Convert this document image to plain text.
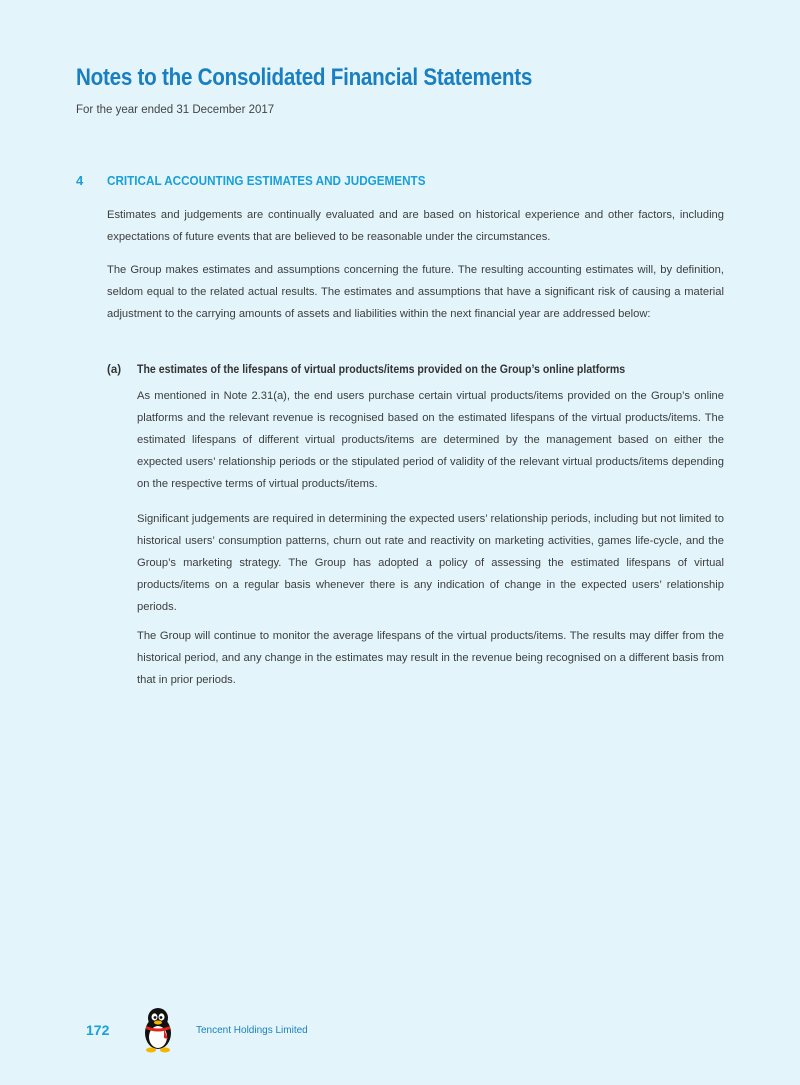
Notes to the Consolidated Financial Statements
For the year ended 31 December 2017
4 CRITICAL ACCOUNTING ESTIMATES AND JUDGEMENTS

Estimates and judgements are continually evaluated and are based on historical experience and other factors, including expectations of future events that are believed to be reasonable under the circumstances.

The Group makes estimates and assumptions concerning the future. The resulting accounting estimates will, by definition, seldom equal to the related actual results. The estimates and assumptions that have a significant risk of causing a material adjustment to the carrying amounts of assets and liabilities within the next financial year are addressed below:

(a) The estimates of the lifespans of virtual products/items provided on the Group’s online platforms

As mentioned in Note 2.31(a), the end users purchase certain virtual products/items provided on the Group’s online platforms and the relevant revenue is recognised based on the estimated lifespans of the virtual products/items. The estimated lifespans of different virtual products/items are determined by the management based on either the expected users’ relationship periods or the stipulated period of validity of the relevant virtual products/items depending on the respective terms of virtual products/items.

Significant judgements are required in determining the expected users’ relationship periods, including but not limited to historical users’ consumption patterns, churn out rate and reactivity on marketing activities, games life-cycle, and the Group’s marketing strategy. The Group has adopted a policy of assessing the estimated lifespans of virtual products/items on a regular basis whenever there is any indication of change in the expected users’ relationship periods.

The Group will continue to monitor the average lifespans of the virtual products/items. The results may differ from the historical period, and any change in the estimates may result in the revenue being recognised on a different basis from that in prior periods.

172	Tencent Holdings Limited
